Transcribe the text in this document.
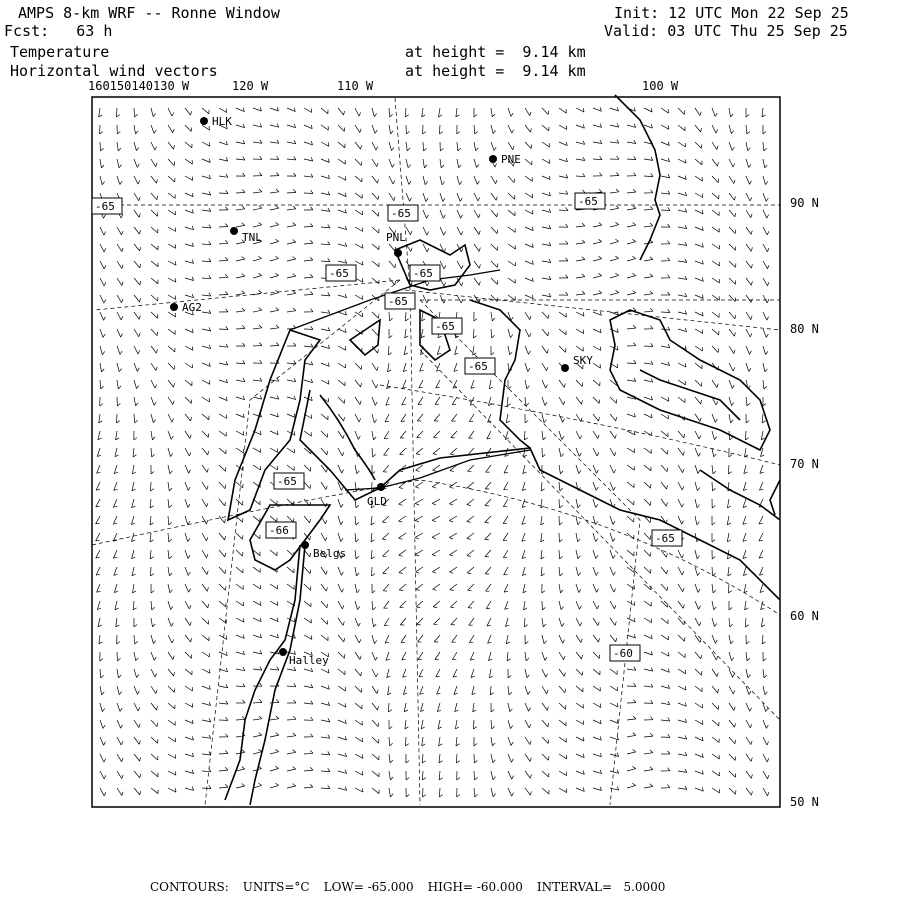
AMPS 8-km WRF -- Ronne Window
Fcst: 63 h
Init: 12 UTC Mon 22 Sep 25
Valid: 03 UTC Thu 25 Sep 25
Temperature
Horizontal wind vectors
at height =  9.14 km
at height =  9.14 km
160150140130 W	120 W	110 W	100 W
90 N
80 N
70 N
60 N
50 N
HLK
PNE
TNL	PNL
AG2
SKY
GLD
Belgs
Halley
-65
-65
-65	-65
-65
-65
-65
-65
-66
-65
-60
-65
CONTOURS: UNITS=°C LOW= -65.000 HIGH= -60.000 INTERVAL=   5.0000
